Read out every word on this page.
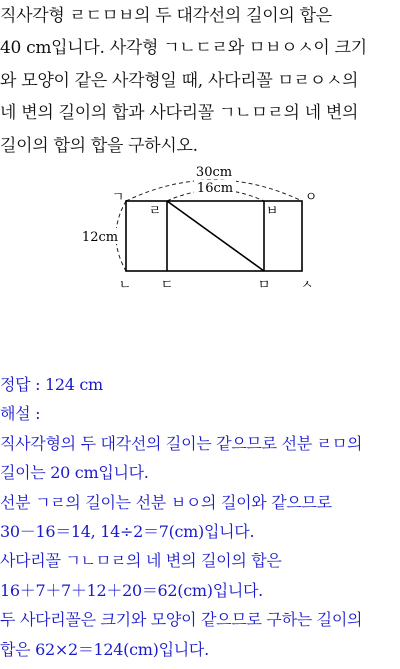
직사각형 ㄹㄷㅁㅂ의 두 대각선의 길이의 합은
40 cm입니다. 사각형 ㄱㄴㄷㄹ와 ㅁㅂㅇㅅ이 크기
와 모양이 같은 사각형일 때, 사다리꼴 ㅁㄹㅇㅅ의
네 변의 길이의 합과 사다리꼴 ㄱㄴㅁㄹ의 네 변의
길이의 합의 합을 구하시오.
30cm
16cm
12cm
ㄱ
ㄹ	ㅂ
ㅇ
ㄴ ㄷ	ㅁ ㅅ
정답 : 124 cm
해설 :
직사각형의 두 대각선의 길이는 같으므로 선분 ㄹㅁ의
길이는 20 cm입니다.
선분 ㄱㄹ의 길이는 선분 ㅂㅇ의 길이와 같으므로
30－16＝14, 14÷2＝7(cm)입니다.
사다리꼴 ㄱㄴㅁㄹ의 네 변의 길이의 합은
16＋7＋7＋12＋20＝62(cm)입니다.
두 사다리꼴은 크기와 모양이 같으므로 구하는 길이의
합은 62×2＝124(cm)입니다.
